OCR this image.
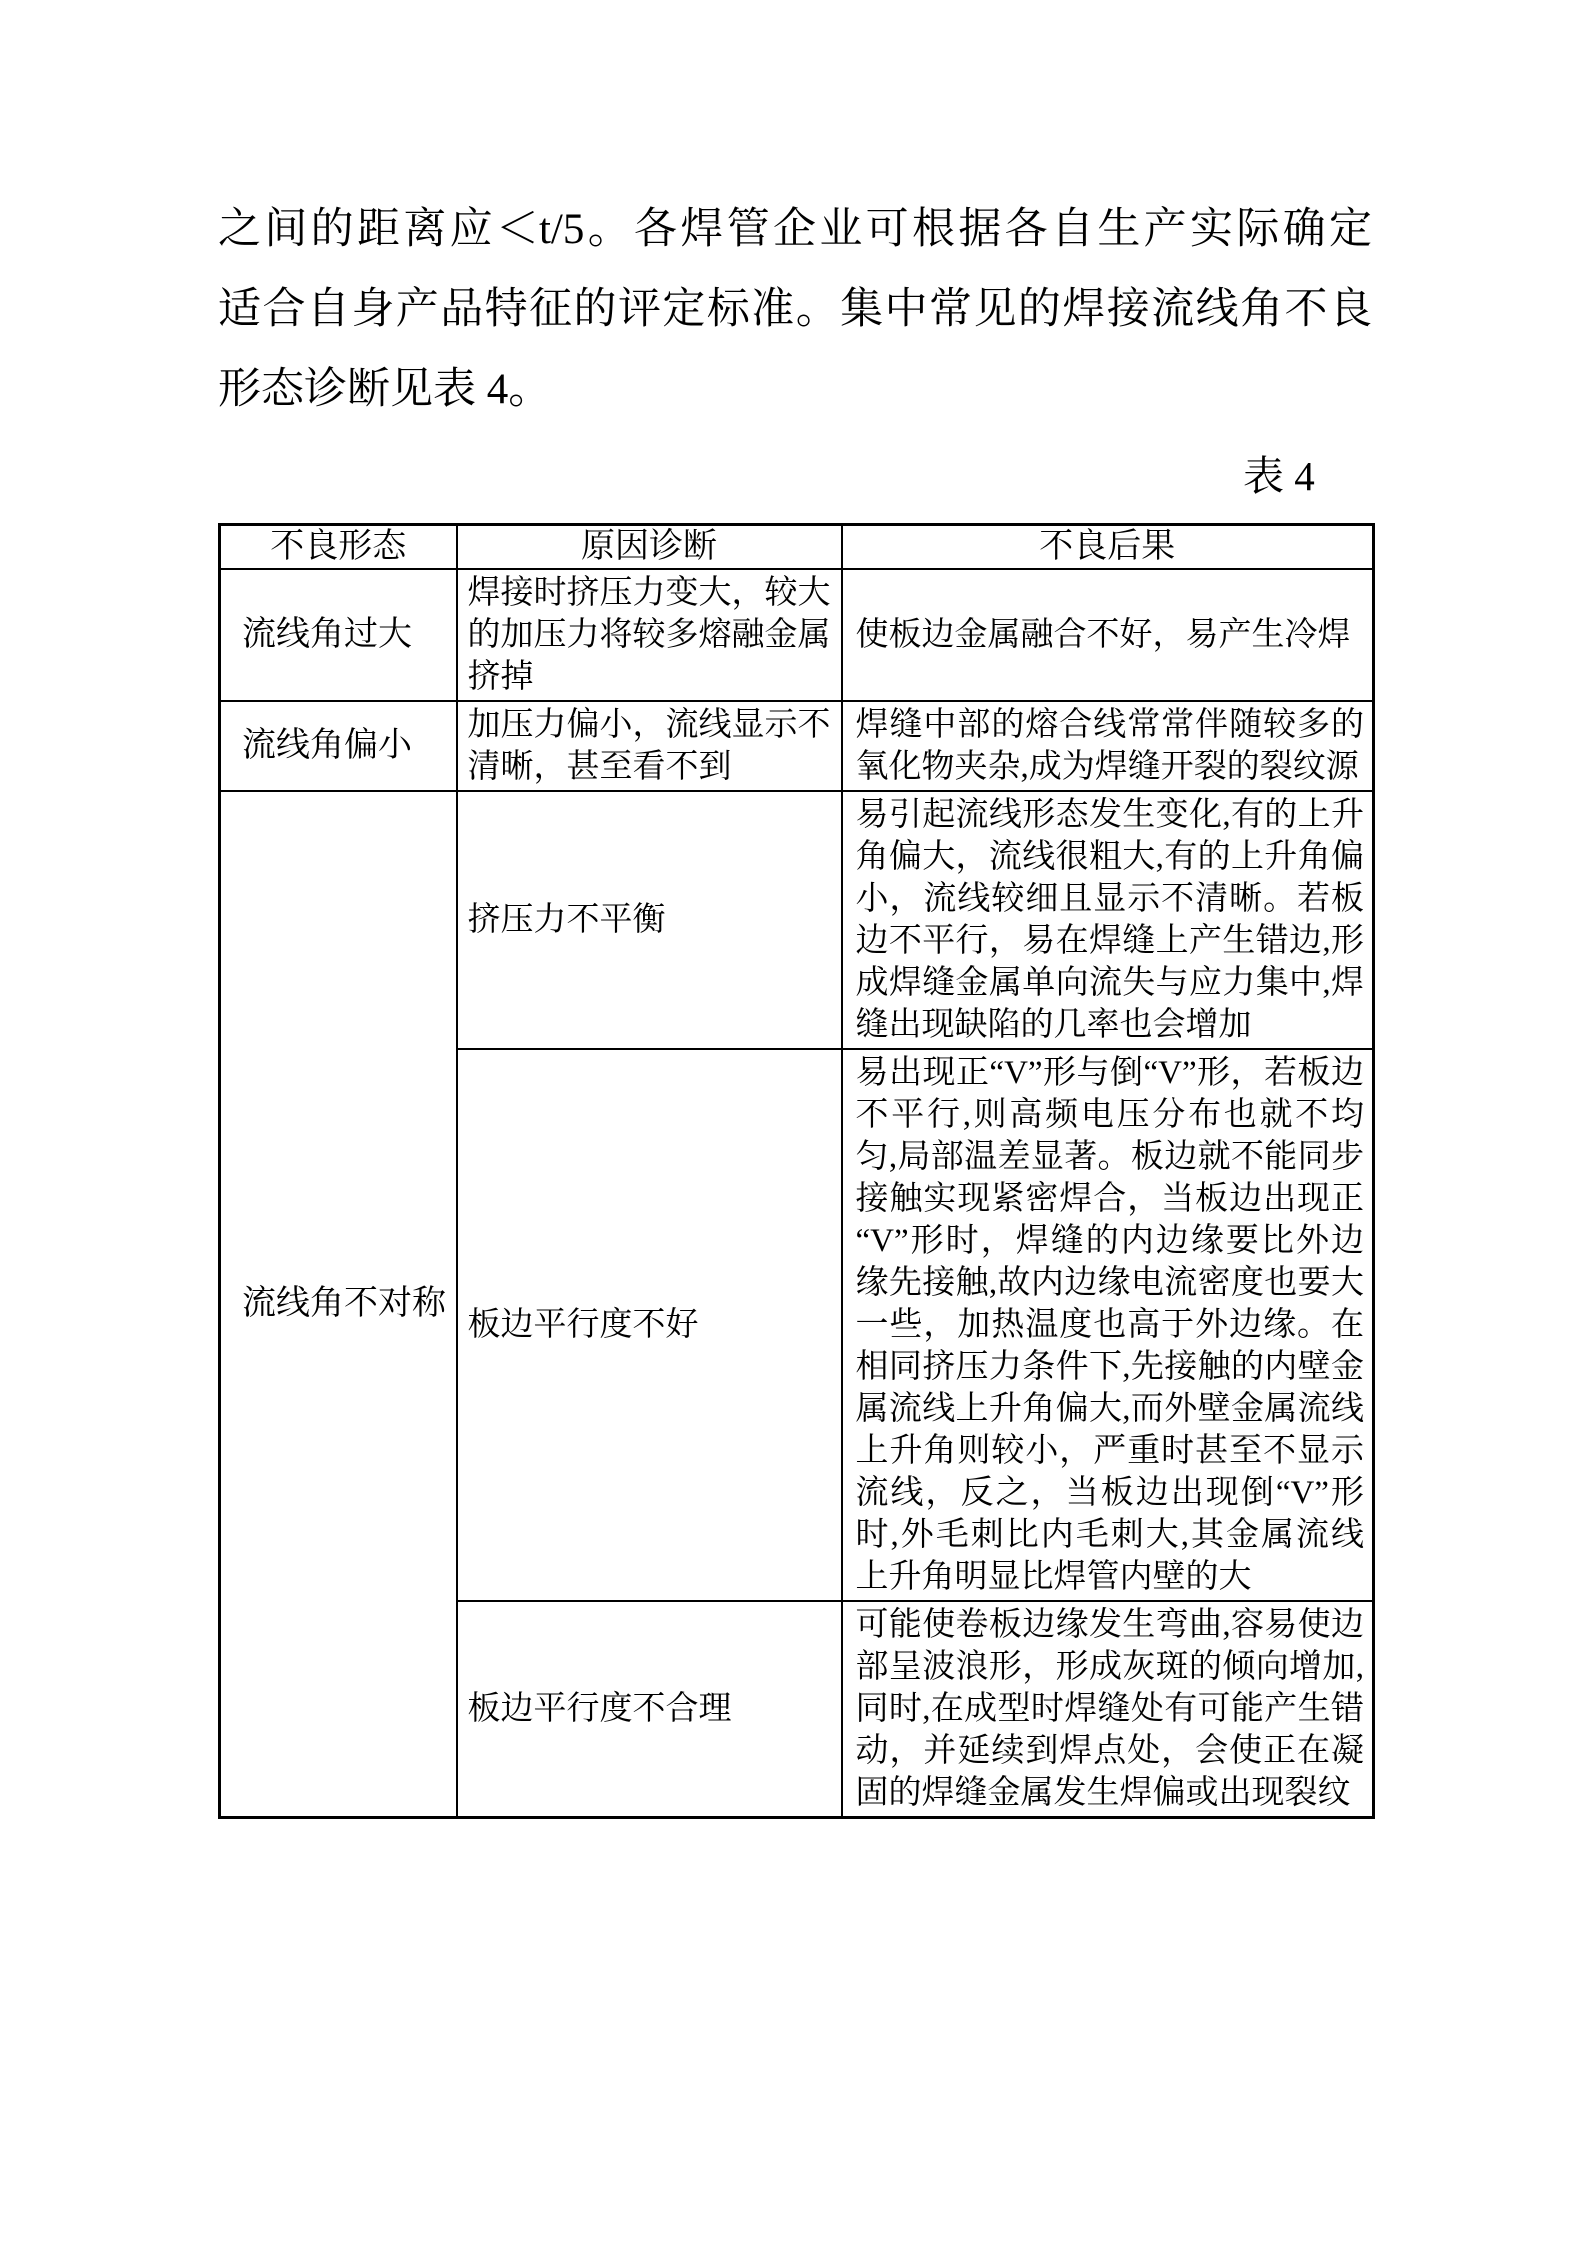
之间的距离应＜t/5。各焊管企业可根据各自生产实际确定
适合自身产品特征的评定标准。集中常见的焊接流线角不良
形态诊断见表 4。
表 4
不良形态	原因诊断	不良后果
流线角过大	焊接时挤压力变大，较大的加压力将较多熔融金属挤掉	使板边金属融合不好，易产生冷焊
流线角偏小	加压力偏小，流线显示不清晰，甚至看不到	焊缝中部的熔合线常常伴随较多的氧化物夹杂,成为焊缝开裂的裂纹源
流线角不对称	挤压力不平衡	易引起流线形态发生变化,有的上升角偏大，流线很粗大,有的上升角偏小，流线较细且显示不清晰。若板边不平行，易在焊缝上产生错边,形成焊缝金属单向流失与应力集中,焊缝出现缺陷的几率也会增加
	板边平行度不好	易出现正“V”形与倒“V”形，若板边不平行,则高频电压分布也就不均匀,局部温差显著。板边就不能同步接触实现紧密焊合，当板边出现正“V”形时，焊缝的内边缘要比外边缘先接触,故内边缘电流密度也要大一些，加热温度也高于外边缘。在相同挤压力条件下,先接触的内壁金属流线上升角偏大,而外壁金属流线上升角则较小，严重时甚至不显示流线，反之，当板边出现倒“V”形时,外毛刺比内毛刺大,其金属流线上升角明显比焊管内壁的大
	板边平行度不合理	可能使卷板边缘发生弯曲,容易使边部呈波浪形，形成灰斑的倾向增加,同时,在成型时焊缝处有可能产生错动，并延续到焊点处，会使正在凝固的焊缝金属发生焊偏或出现裂纹
